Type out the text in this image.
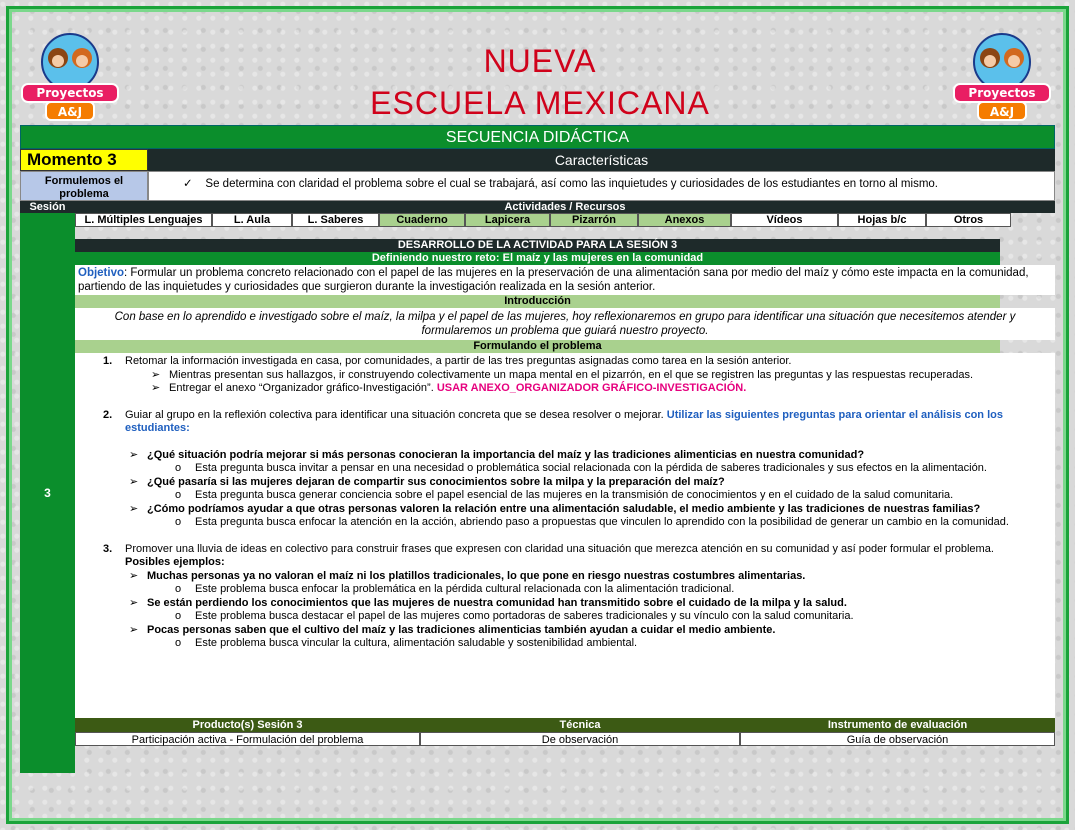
Proyectos
A&J
Proyectos
A&J
NUEVA
ESCUELA MEXICANA
SECUENCIA DIDÁCTICA
Momento 3	Características
Formulemos el problema
✓ Se determina con claridad el problema sobre el cual se trabajará, así como las inquietudes y curiosidades de los estudiantes en torno al mismo.
Sesión
3
Actividades / Recursos
L. Múltiples Lenguajes	L. Aula	L. Saberes	Cuaderno	Lapicera	Pizarrón	Anexos	Vídeos	Hojas b/c	Otros
DESARROLLO DE LA ACTIVIDAD PARA LA SESIÓN 3
Definiendo nuestro reto: El maíz y las mujeres en la comunidad
Objetivo: Formular un problema concreto relacionado con el papel de las mujeres en la preservación de una alimentación sana por medio del maíz y cómo este impacta en la comunidad, partiendo de las inquietudes y curiosidades que surgieron durante la investigación realizada en la sesión anterior.
Introducción
Con base en lo aprendido e investigado sobre el maíz, la milpa y el papel de las mujeres, hoy reflexionaremos en grupo para identificar una situación que necesitemos atender y formularemos un problema que guiará nuestro proyecto.
Formulando el problema
1.	Retomar la información investigada en casa, por comunidades, a partir de las tres preguntas asignadas como tarea en la sesión anterior.
➢ Mientras presentan sus hallazgos, ir construyendo colectivamente un mapa mental en el pizarrón, en el que se registren las preguntas y las respuestas recuperadas.
➢ Entregar el anexo “Organizador gráfico-Investigación”. USAR ANEXO_ORGANIZADOR GRÁFICO-INVESTIGACIÓN.
2.	Guiar al grupo en la reflexión colectiva para identificar una situación concreta que se desea resolver o mejorar. Utilizar las siguientes preguntas para orientar el análisis con los estudiantes:
➢ ¿Qué situación podría mejorar si más personas conocieran la importancia del maíz y las tradiciones alimenticias en nuestra comunidad?
o	Esta pregunta busca invitar a pensar en una necesidad o problemática social relacionada con la pérdida de saberes tradicionales y sus efectos en la alimentación.
➢ ¿Qué pasaría si las mujeres dejaran de compartir sus conocimientos sobre la milpa y la preparación del maíz?
o	Esta pregunta busca generar conciencia sobre el papel esencial de las mujeres en la transmisión de conocimientos y en el cuidado de la salud comunitaria.
➢ ¿Cómo podríamos ayudar a que otras personas valoren la relación entre una alimentación saludable, el medio ambiente y las tradiciones de nuestras familias?
o	Esta pregunta busca enfocar la atención en la acción, abriendo paso a propuestas que vinculen lo aprendido con la posibilidad de generar un cambio en la comunidad.
3.	Promover una lluvia de ideas en colectivo para construir frases que expresen con claridad una situación que merezca atención en su comunidad y así poder formular el problema.
Posibles ejemplos:
➢ Muchas personas ya no valoran el maíz ni los platillos tradicionales, lo que pone en riesgo nuestras costumbres alimentarias.
o	Este problema busca enfocar la problemática en la pérdida cultural relacionada con la alimentación tradicional.
➢ Se están perdiendo los conocimientos que las mujeres de nuestra comunidad han transmitido sobre el cuidado de la milpa y la salud.
o	Este problema busca destacar el papel de las mujeres como portadoras de saberes tradicionales y su vínculo con la salud comunitaria.
➢ Pocas personas saben que el cultivo del maíz y las tradiciones alimenticias también ayudan a cuidar el medio ambiente.
o	Este problema busca vincular la cultura, alimentación saludable y sostenibilidad ambiental.
Producto(s) Sesión 3	Técnica	Instrumento de evaluación
Participación activa - Formulación del problema	De observación	Guía de observación
